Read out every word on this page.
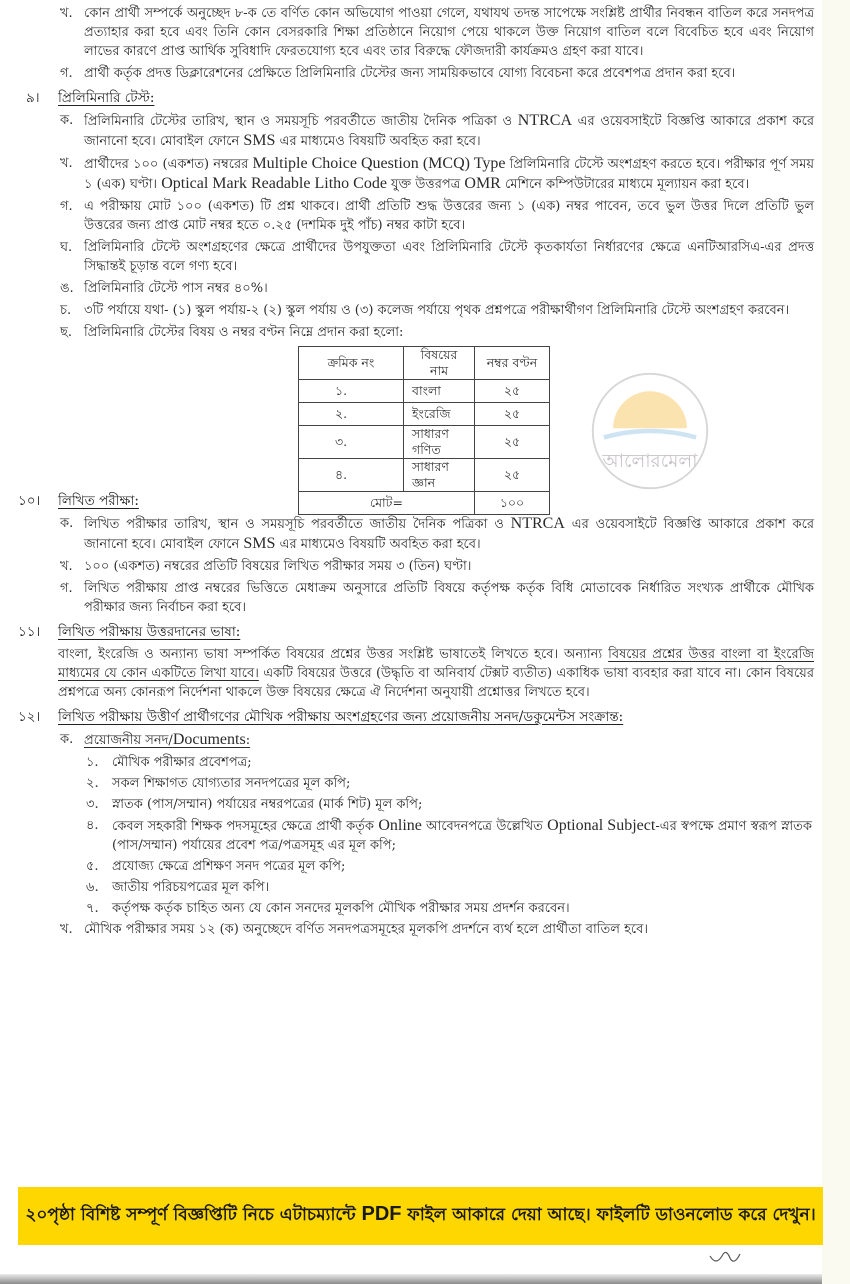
আলোরমেলা
খ. কোন প্রার্থী সম্পর্কে অনুচ্ছেদ ৮-ক তে বর্ণিত কোন অভিযোগ পাওয়া গেলে, যথাযথ তদন্ত সাপেক্ষে সংশ্লিষ্ট প্রার্থীর নিবন্ধন বাতিল করে সনদপত্র প্রত্যাহার করা হবে এবং তিনি কোন বেসরকারি শিক্ষা প্রতিষ্ঠানে নিয়োগ পেয়ে থাকলে উক্ত নিয়োগ বাতিল বলে বিবেচিত হবে এবং নিয়োগ লাভের কারণে প্রাপ্ত আর্থিক সুবিধাদি ফেরতযোগ্য হবে এবং তার বিরুদ্ধে ফৌজদারী কার্যক্রমও গ্রহণ করা যাবে।
গ. প্রার্থী কর্তৃক প্রদত্ত ডিক্লারেশনের প্রেক্ষিতে প্রিলিমিনারি টেস্টের জন্য সাময়িকভাবে যোগ্য বিবেচনা করে প্রবেশপত্র প্রদান করা হবে।
৯। প্রিলিমিনারি টেস্ট:
ক. প্রিলিমিনারি টেস্টের তারিখ, স্থান ও সময়সূচি পরবর্তীতে জাতীয় দৈনিক পত্রিকা ও NTRCA এর ওয়েবসাইটে বিজ্ঞপ্তি আকারে প্রকাশ করে জানানো হবে। মোবাইল ফোনে SMS এর মাধ্যমেও বিষয়টি অবহিত করা হবে।
খ. প্রার্থীদের ১০০ (একশত) নম্বরের Multiple Choice Question (MCQ) Type প্রিলিমিনারি টেস্টে অংশগ্রহণ করতে হবে। পরীক্ষার পূর্ণ সময় ১ (এক) ঘণ্টা। Optical Mark Readable Litho Code যুক্ত উত্তরপত্র OMR মেশিনে কম্পিউটারের মাধ্যমে মূল্যায়ন করা হবে।
গ. এ পরীক্ষায় মোট ১০০ (একশত) টি প্রশ্ন থাকবে। প্রার্থী প্রতিটি শুদ্ধ উত্তরের জন্য ১ (এক) নম্বর পাবেন, তবে ভুল উত্তর দিলে প্রতিটি ভুল উত্তরের জন্য প্রাপ্ত মোট নম্বর হতে ০.২৫ (দশমিক দুই পাঁচ) নম্বর কাটা হবে।
ঘ. প্রিলিমিনারি টেস্টে অংশগ্রহণের ক্ষেত্রে প্রার্থীদের উপযুক্ততা এবং প্রিলিমিনারি টেস্টে কৃতকার্যতা নির্ধারণের ক্ষেত্রে এনটিআরসিএ-এর প্রদত্ত সিদ্ধান্তই চূড়ান্ত বলে গণ্য হবে।
ঙ. প্রিলিমিনারি টেস্টে পাস নম্বর ৪০%।
চ. ৩টি পর্যায়ে যথা- (১) স্কুল পর্যায়-২ (২) স্কুল পর্যায় ও (৩) কলেজ পর্যায়ে পৃথক প্রশ্নপত্রে পরীক্ষার্থীগণ প্রিলিমিনারি টেস্টে অংশগ্রহণ করবেন।
ছ. প্রিলিমিনারি টেস্টের বিষয় ও নম্বর বণ্টন নিম্নে প্রদান করা হলো:
ক্রমিক নং	বিষয়ের নাম	নম্বর বণ্টন
১.	বাংলা	২৫
২.	ইংরেজি	২৫
৩.	সাধারণ গণিত	২৫
৪.	সাধারণ জ্ঞান	২৫
মোট=		১০০
১০। লিখিত পরীক্ষা:
ক. লিখিত পরীক্ষার তারিখ, স্থান ও সময়সূচি পরবর্তীতে জাতীয় দৈনিক পত্রিকা ও NTRCA এর ওয়েবসাইটে বিজ্ঞপ্তি আকারে প্রকাশ করে জানানো হবে। মোবাইল ফোনে SMS এর মাধ্যমেও বিষয়টি অবহিত করা হবে।
খ. ১০০ (একশত) নম্বরের প্রতিটি বিষয়ের লিখিত পরীক্ষার সময় ৩ (তিন) ঘণ্টা।
গ. লিখিত পরীক্ষায় প্রাপ্ত নম্বরের ভিত্তিতে মেধাক্রম অনুসারে প্রতিটি বিষয়ে কর্তৃপক্ষ কর্তৃক বিধি মোতাবেক নির্ধারিত সংখ্যক প্রার্থীকে মৌখিক পরীক্ষার জন্য নির্বাচন করা হবে।
১১। লিখিত পরীক্ষায় উত্তরদানের ভাষা:
বাংলা, ইংরেজি ও অন্যান্য ভাষা সম্পর্কিত বিষয়ের প্রশ্নের উত্তর সংশ্লিষ্ট ভাষাতেই লিখতে হবে। অন্যান্য বিষয়ের প্রশ্নের উত্তর বাংলা বা ইংরেজি মাধ্যমের যে কোন একটিতে লিখা যাবে। একটি বিষয়ের উত্তরে (উদ্ধৃতি বা অনিবার্য টেক্সট ব্যতীত) একাধিক ভাষা ব্যবহার করা যাবে না। কোন বিষয়ের প্রশ্নপত্রে অন্য কোনরূপ নির্দেশনা থাকলে উক্ত বিষয়ের ক্ষেত্রে ঐ নির্দেশনা অনুযায়ী প্রশ্নোত্তর লিখতে হবে।
১২। লিখিত পরীক্ষায় উত্তীর্ণ প্রার্থীগণের মৌখিক পরীক্ষায় অংশগ্রহণের জন্য প্রয়োজনীয় সনদ/ডকুমেন্টস সংক্রান্ত:
ক. প্রয়োজনীয় সনদ/Documents:
১. মৌখিক পরীক্ষার প্রবেশপত্র;
২. সকল শিক্ষাগত যোগ্যতার সনদপত্রের মূল কপি;
৩. স্নাতক (পাস/সম্মান) পর্যায়ের নম্বরপত্রের (মার্ক শিট) মূল কপি;
৪. কেবল সহকারী শিক্ষক পদসমূহের ক্ষেত্রে প্রার্থী কর্তৃক Online আবেদনপত্রে উল্লেখিত Optional Subject-এর স্বপক্ষে প্রমাণ স্বরূপ স্নাতক (পাস/সম্মান) পর্যায়ের প্রবেশ পত্র/পত্রসমূহ এর মূল কপি;
৫. প্রযোজ্য ক্ষেত্রে প্রশিক্ষণ সনদ পত্রের মূল কপি;
৬. জাতীয় পরিচয়পত্রের মূল কপি।
৭. কর্তৃপক্ষ কর্তৃক চাহিত অন্য যে কোন সনদের মূলকপি মৌখিক পরীক্ষার সময় প্রদর্শন করবেন।
খ. মৌখিক পরীক্ষার সময় ১২ (ক) অনুচ্ছেদে বর্ণিত সনদপত্রসমূহের মূলকপি প্রদর্শনে ব্যর্থ হলে প্রার্থীতা বাতিল হবে।
২০পৃষ্ঠা বিশিষ্ট সম্পূর্ণ বিজ্ঞপ্তিটি নিচে এটাচম্যান্টে PDF ফাইল আকারে দেয়া আছে। ফাইলটি ডাওনলোড করে দেখুন।
